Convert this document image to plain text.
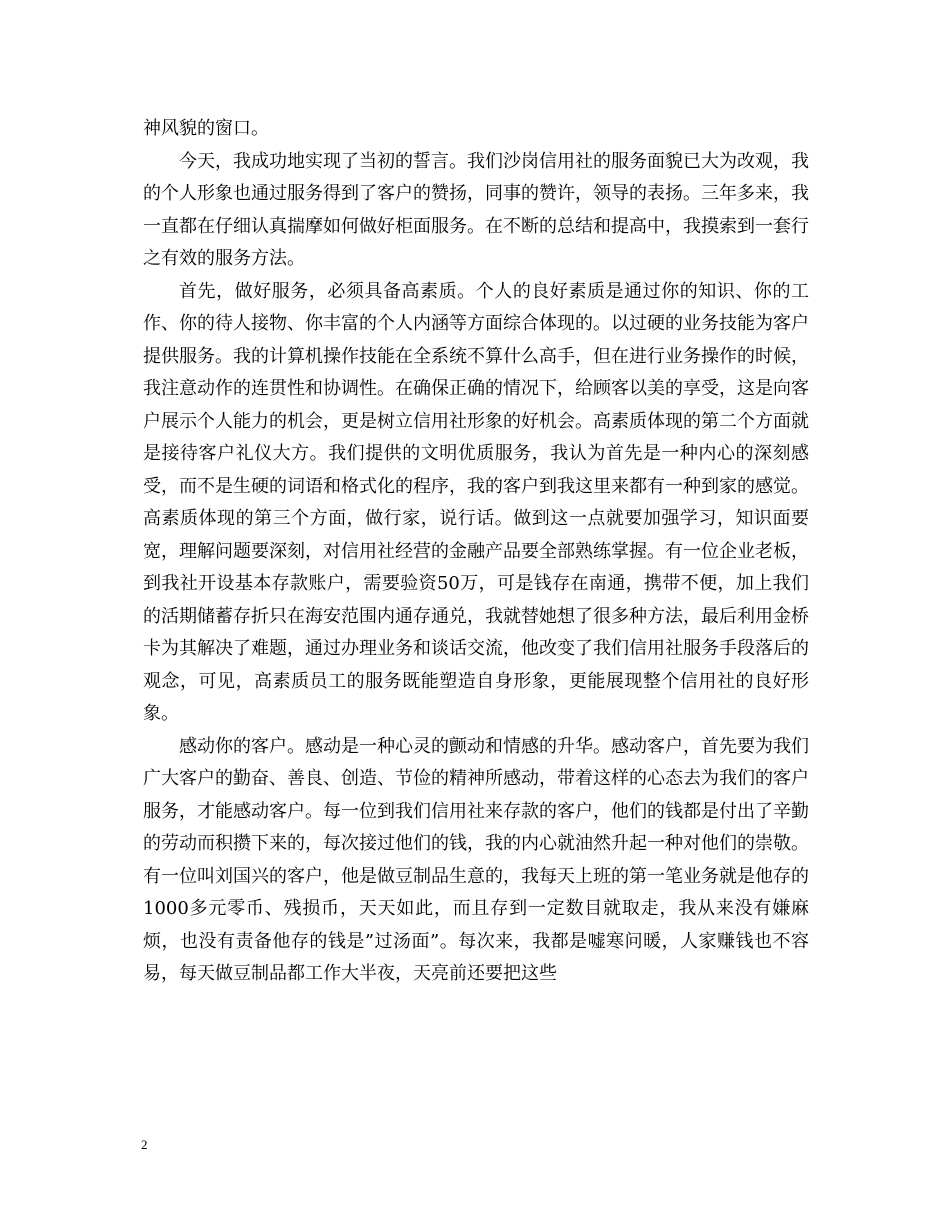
神风貌的窗口。

今天，我成功地实现了当初的誓言。我们沙岗信用社的服务面貌已大为改观，我的个人形象也通过服务得到了客户的赞扬，同事的赞许，领导的表扬。三年多来，我一直都在仔细认真揣摩如何做好柜面服务。在不断的总结和提高中，我摸索到一套行之有效的服务方法。

首先，做好服务，必须具备高素质。个人的良好素质是通过你的知识、你的工作、你的待人接物、你丰富的个人内涵等方面综合体现的。以过硬的业务技能为客户提供服务。我的计算机操作技能在全系统不算什么高手，但在进行业务操作的时候，我注意动作的连贯性和协调性。在确保正确的情况下，给顾客以美的享受，这是向客户展示个人能力的机会，更是树立信用社形象的好机会。高素质体现的第二个方面就是接待客户礼仪大方。我们提供的文明优质服务，我认为首先是一种内心的深刻感受，而不是生硬的词语和格式化的程序，我的客户到我这里来都有一种到家的感觉。高素质体现的第三个方面，做行家，说行话。做到这一点就要加强学习，知识面要宽，理解问题要深刻，对信用社经营的金融产品要全部熟练掌握。有一位企业老板，到我社开设基本存款账户，需要验资50万，可是钱存在南通，携带不便，加上我们的活期储蓄存折只在海安范围内通存通兑，我就替她想了很多种方法，最后利用金桥卡为其解决了难题，通过办理业务和谈话交流，他改变了我们信用社服务手段落后的观念，可见，高素质员工的服务既能塑造自身形象，更能展现整个信用社的良好形象。

感动你的客户。感动是一种心灵的颤动和情感的升华。感动客户，首先要为我们广大客户的勤奋、善良、创造、节俭的精神所感动，带着这样的心态去为我们的客户服务，才能感动客户。每一位到我们信用社来存款的客户，他们的钱都是付出了辛勤的劳动而积攒下来的，每次接过他们的钱，我的内心就油然升起一种对他们的崇敬。有一位叫刘国兴的客户，他是做豆制品生意的，我每天上班的第一笔业务就是他存的1000多元零币、残损币，天天如此，而且存到一定数目就取走，我从来没有嫌麻烦，也没有责备他存的钱是”过汤面”。每次来，我都是嘘寒问暖，人家赚钱也不容易，每天做豆制品都工作大半夜，天亮前还要把这些

2
